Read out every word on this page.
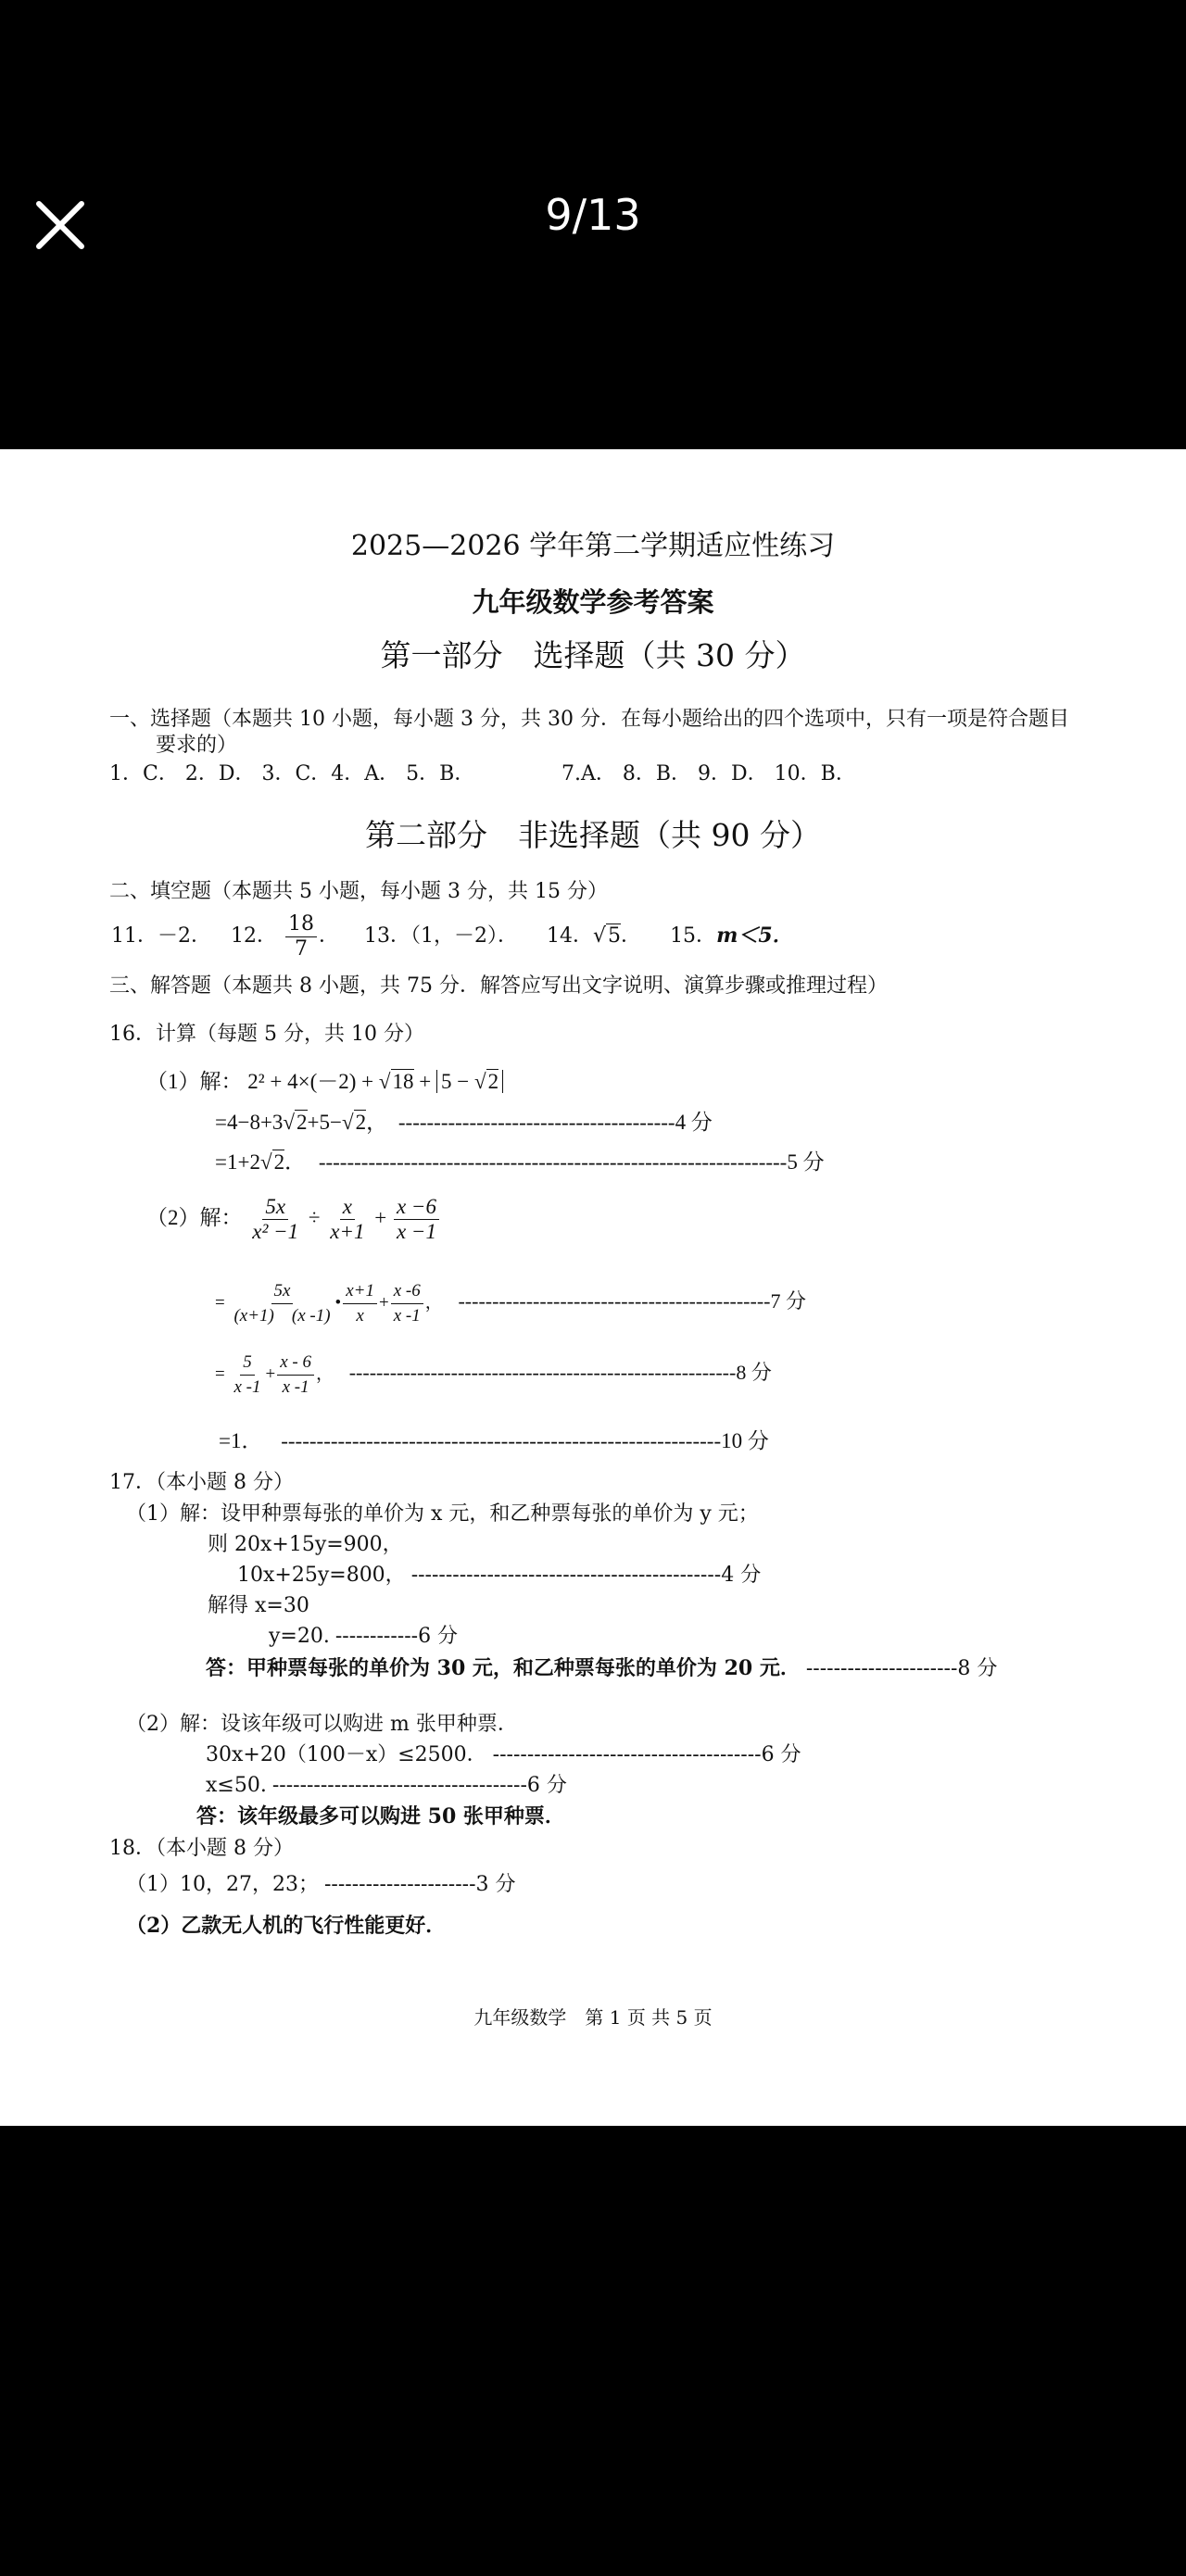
9/13
2025—2026 学年第二学期适应性练习
九年级数学参考答案
第一部分　选择题（共 30 分）
一、选择题（本题共 10 小题，每小题 3 分，共 30 分．在每小题给出的四个选项中，只有一项是符合题目
要求的）
1．C． 2．D． 3．C．4．A． 5．B．	7.A． 8．B． 9．D． 10．B．
第二部分　非选择题（共 90 分）
二、填空题（本题共 5 小题，每小题 3 分，共 15 分）
11．－2． 12． $\frac{18}{7}$ ． 13．（1，－2）． 14．√5． 15．m＜5．
三、解答题（本题共 8 小题，共 75 分．解答应写出文字说明、演算步骤或推理过程）
16．计算（每题 5 分，共 10 分）
（1）解： 2² + 4×(－2) + √18 + 5 − √2
=4−8+3√2+5−√2， ---------------------------------------4 分
=1+2√2． ------------------------------------------------------------------5 分
（2）解： $\frac{5x}{\text{x² −1}} \div \frac{x}{x+1} + \frac{x -6}{x -1}$
= $\frac{5x}{(x+1) (x -1)}$ • $\frac{x+1}{x} + \frac{x -6}{x -1}$ ， ----------------------------------------------7 分
= $\frac{5}{x -1} + \frac{x - 6}{x -1}$ ， ---------------------------------------------------------8 分
=1． --------------------------------------------------------------10 分
17．（本小题 8 分）
（1）解：设甲种票每张的单价为 x 元，和乙种票每张的单价为 y 元；
则 20x+15y=900，
10x+25y=800， ---------------------------------------------4 分
解得 x=30
y=20. ------------6 分
答：甲种票每张的单价为 30 元，和乙种票每张的单价为 20 元． ----------------------8 分
（2）解：设该年级可以购进 m 张甲种票．
30x+20（100－x）≤2500． ---------------------------------------6 分
x≤50. -------------------------------------6 分
答：该年级最多可以购进 50 张甲种票．
18．（本小题 8 分）
（1）10，27，23； ----------------------3 分
（2）乙款无人机的飞行性能更好．
九年级数学　第 1 页 共 5 页
